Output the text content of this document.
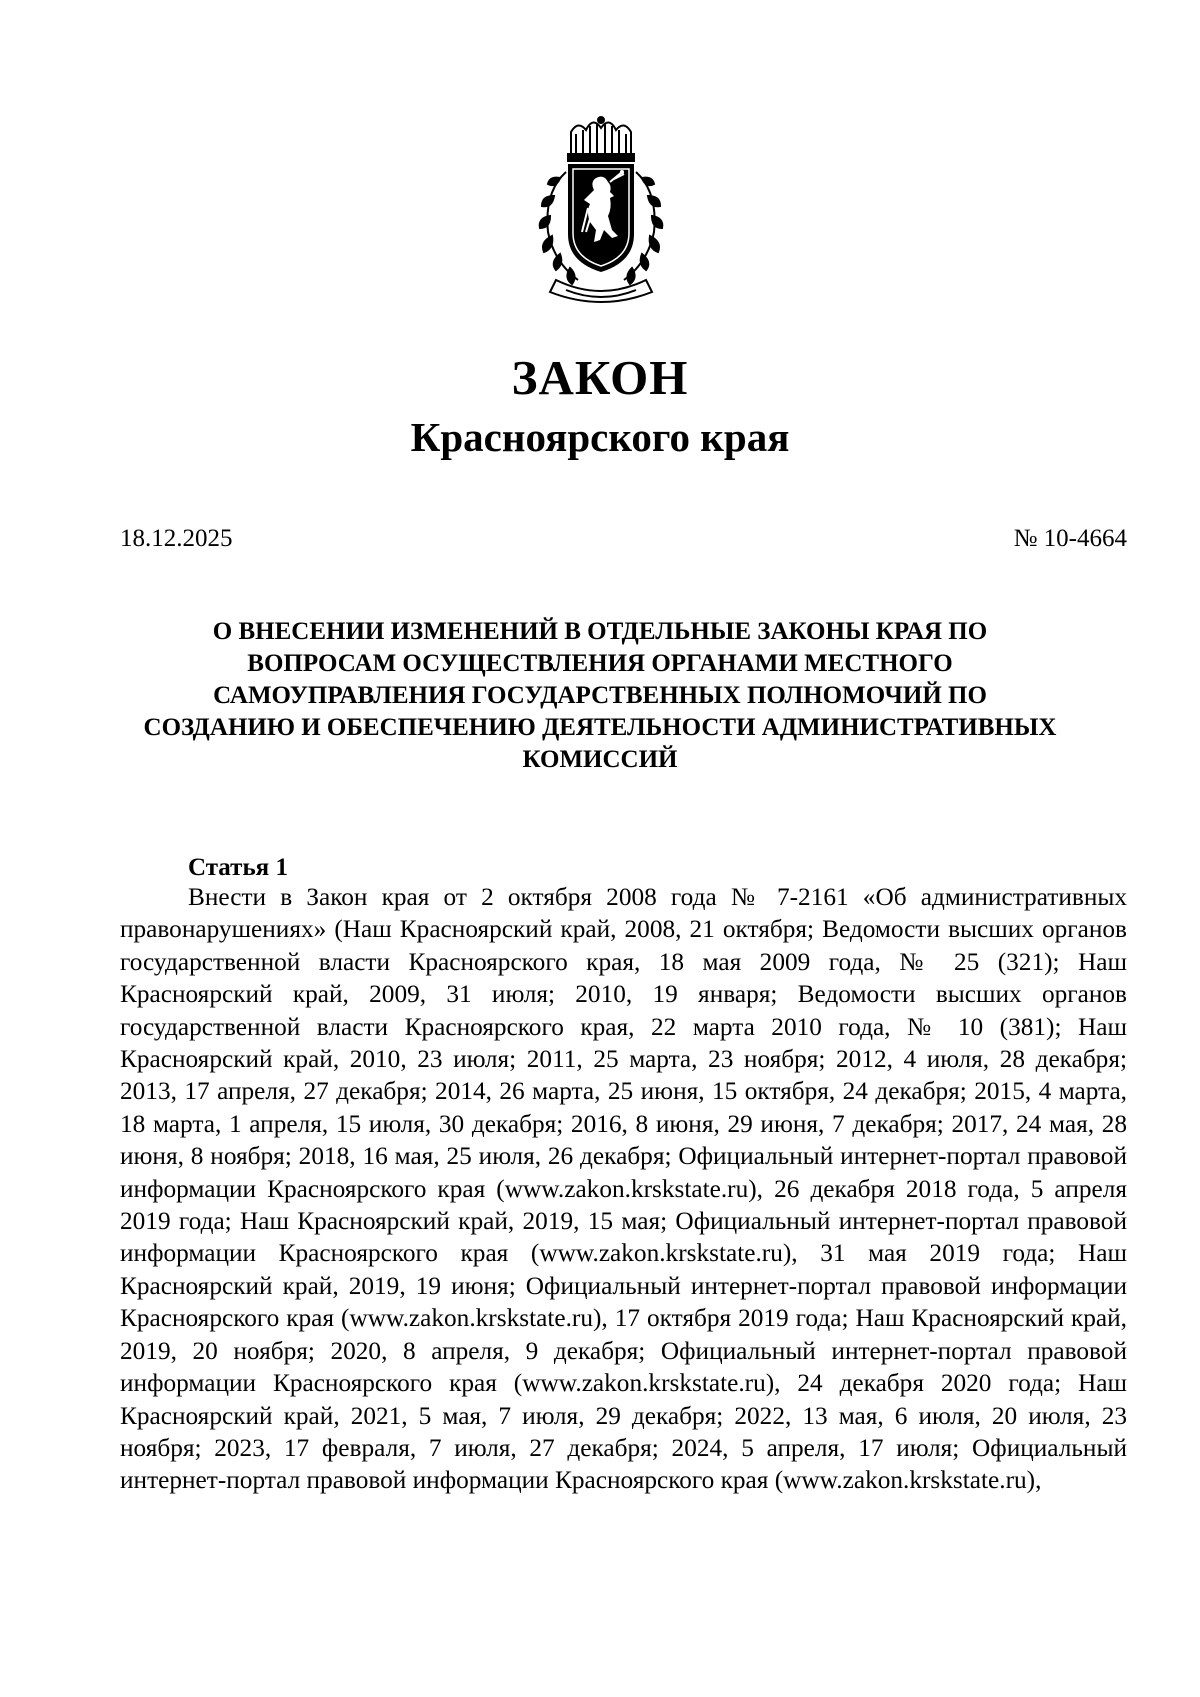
ЗАКОН
Красноярского края
18.12.2025	№ 10-4664
О ВНЕСЕНИИ ИЗМЕНЕНИЙ В ОТДЕЛЬНЫЕ ЗАКОНЫ КРАЯ ПО ВОПРОСАМ ОСУЩЕСТВЛЕНИЯ ОРГАНАМИ МЕСТНОГО САМОУПРАВЛЕНИЯ ГОСУДАРСТВЕННЫХ ПОЛНОМОЧИЙ ПО СОЗДАНИЮ И ОБЕСПЕЧЕНИЮ ДЕЯТЕЛЬНОСТИ АДМИНИСТРАТИВНЫХ КОМИССИЙ
Статья 1

Внести в Закон края от 2 октября 2008 года № 7-2161 «Об административных правонарушениях» (Наш Красноярский край, 2008, 21 октября; Ведомости высших органов государственной власти Красноярского края, 18 мая 2009 года, № 25 (321); Наш Красноярский край, 2009, 31 июля; 2010, 19 января; Ведомости высших органов государственной власти Красноярского края, 22 марта 2010 года, № 10 (381); Наш Красноярский край, 2010, 23 июля; 2011, 25 марта, 23 ноября; 2012, 4 июля, 28 декабря; 2013, 17 апреля, 27 декабря; 2014, 26 марта, 25 июня, 15 октября, 24 декабря; 2015, 4 марта, 18 марта, 1 апреля, 15 июля, 30 декабря; 2016, 8 июня, 29 июня, 7 декабря; 2017, 24 мая, 28 июня, 8 ноября; 2018, 16 мая, 25 июля, 26 декабря; Официальный интернет-портал правовой информации Красноярского края (www.zakon.krskstate.ru), 26 декабря 2018 года, 5 апреля 2019 года; Наш Красноярский край, 2019, 15 мая; Официальный интернет-портал правовой информации Красноярского края (www.zakon.krskstate.ru), 31 мая 2019 года; Наш Красноярский край, 2019, 19 июня; Официальный интернет-портал правовой информации Красноярского края (www.zakon.krskstate.ru), 17 октября 2019 года; Наш Красноярский край, 2019, 20 ноября; 2020, 8 апреля, 9 декабря; Официальный интернет-портал правовой информации Красноярского края (www.zakon.krskstate.ru), 24 декабря 2020 года; Наш Красноярский край, 2021, 5 мая, 7 июля, 29 декабря; 2022, 13 мая, 6 июля, 20 июля, 23 ноября; 2023, 17 февраля, 7 июля, 27 декабря; 2024, 5 апреля, 17 июля; Официальный интернет-портал правовой информации Красноярского края (www.zakon.krskstate.ru),
